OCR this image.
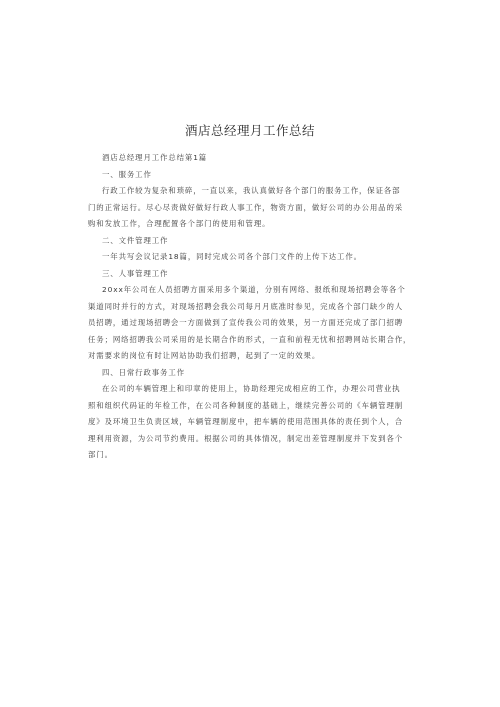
酒店总经理月工作总结
酒店总经理月工作总结第1篇
一、服务工作
行政工作较为复杂和琐碎，一直以来，我认真做好各个部门的服务工作，保证各部
门的正常运行。尽心尽责做好做好行政人事工作，物资方面，做好公司的办公用品的采
购和发放工作，合理配置各个部门的使用和管理。
二、文件管理工作
一年共写会议记录18篇，同时完成公司各个部门文件的上传下达工作。
三、人事管理工作
20xx年公司在人员招聘方面采用多个渠道，分别有网络、报纸和现场招聘会等各个
渠道同时并行的方式，对现场招聘会我公司每月月底准时参见，完成各个部门缺少的人
员招聘，通过现场招聘会一方面做到了宣传我公司的效果，另一方面还完成了部门招聘
任务；网络招聘我公司采用的是长期合作的形式，一直和前程无忧和招聘网站长期合作，
对需要求的岗位有时让网站协助我们招聘，起到了一定的效果。
四、日常行政事务工作
在公司的车辆管理上和印章的使用上，协助经理完成相应的工作，办理公司营业执
照和组织代码证的年检工作，在公司各种制度的基础上，继续完善公司的《车辆管理制
度》及环境卫生负责区域，车辆管理制度中，把车辆的使用范围具体的责任到个人，合
理利用资源，为公司节约费用。根据公司的具体情况，制定出差管理制度并下发到各个
部门。
